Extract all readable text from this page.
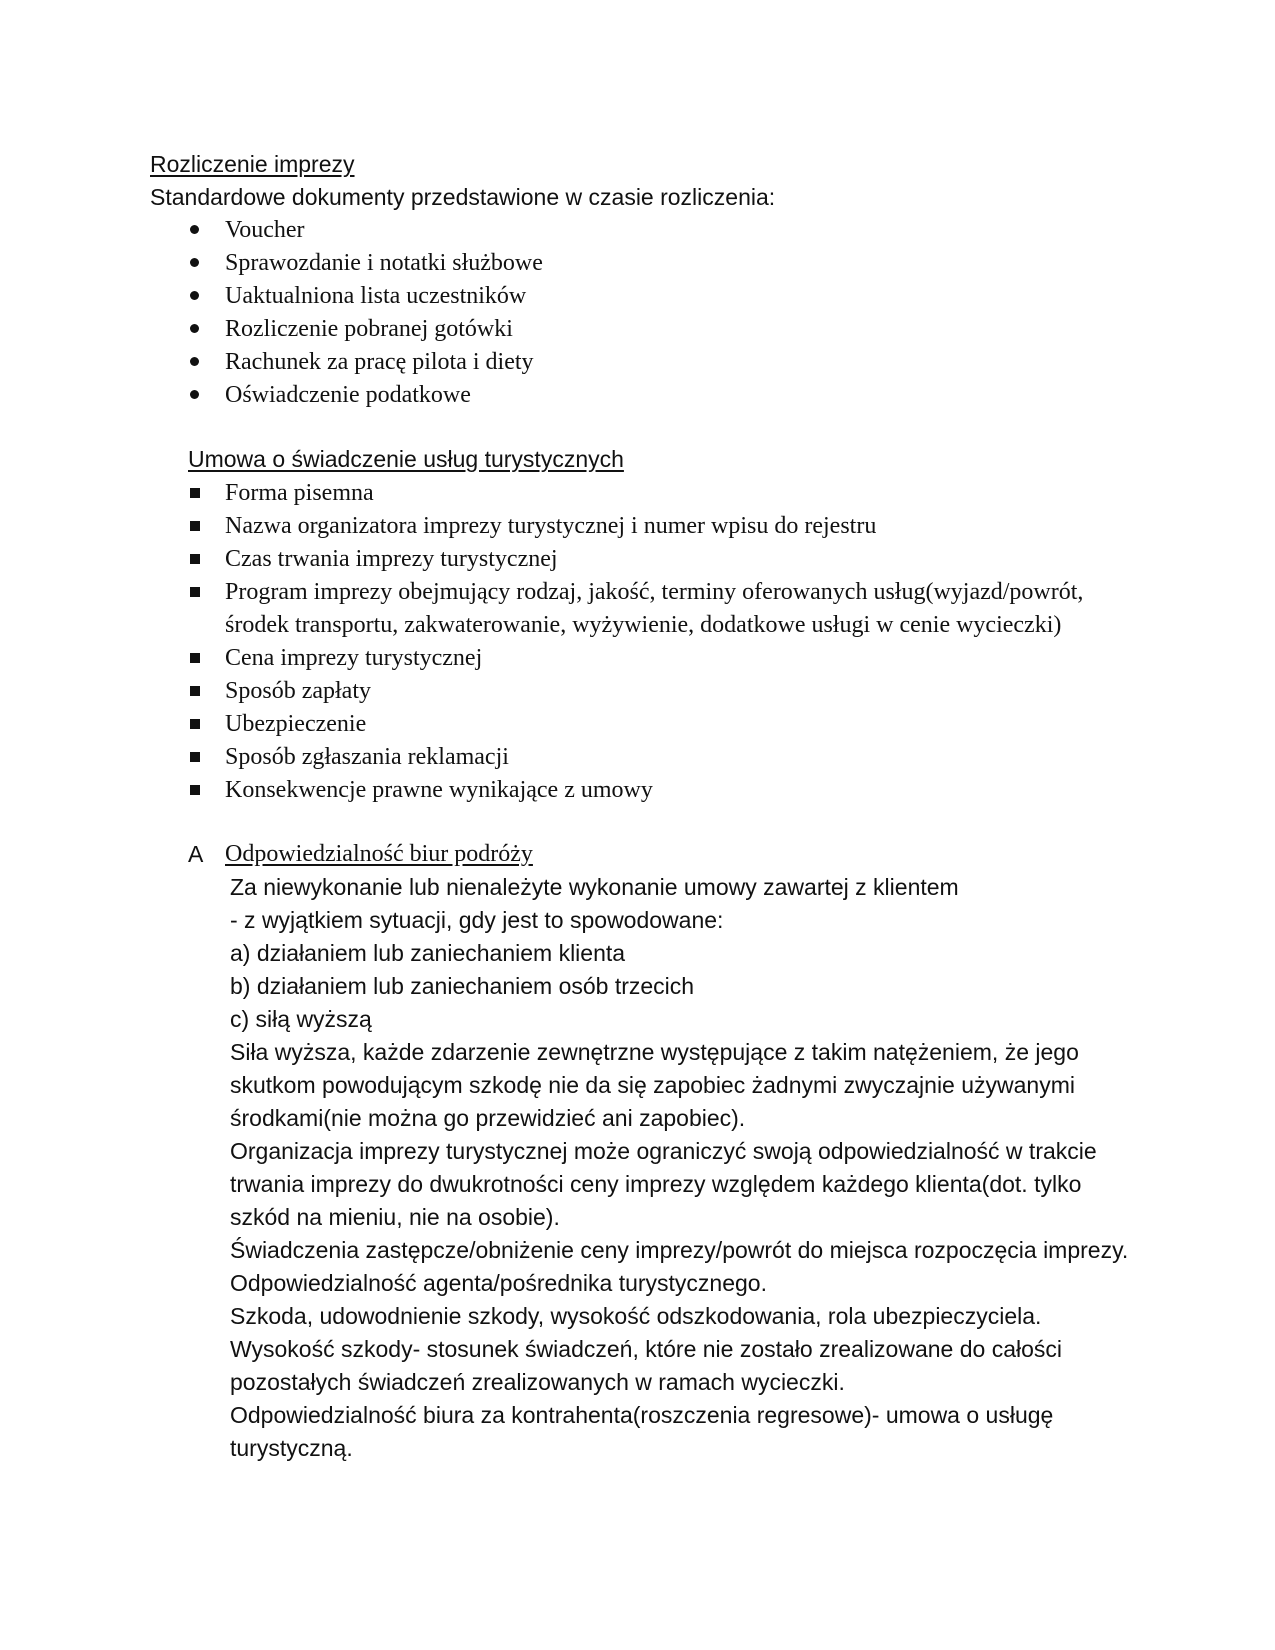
Rozliczenie imprezy
Standardowe dokumenty przedstawione w czasie rozliczenia:
Voucher
Sprawozdanie i notatki służbowe
Uaktualniona lista uczestników
Rozliczenie pobranej gotówki
Rachunek za pracę pilota i diety
Oświadczenie podatkowe
Umowa o świadczenie usług turystycznych
Forma pisemna
Nazwa organizatora imprezy turystycznej i numer wpisu do rejestru
Czas trwania imprezy turystycznej
Program imprezy obejmujący rodzaj, jakość, terminy oferowanych usług(wyjazd/powrót, środek transportu, zakwaterowanie, wyżywienie, dodatkowe usługi w cenie wycieczki)
Cena imprezy turystycznej
Sposób zapłaty
Ubezpieczenie
Sposób zgłaszania reklamacji
Konsekwencje prawne wynikające z umowy
A Odpowiedzialność biur podróży

Za niewykonanie lub nienależyte wykonanie umowy zawartej z klientem

- z wyjątkiem sytuacji, gdy jest to spowodowane:

a) działaniem lub zaniechaniem klienta

b) działaniem lub zaniechaniem osób trzecich

c) siłą wyższą

Siła wyższa, każde zdarzenie zewnętrzne występujące z takim natężeniem, że jego skutkom powodującym szkodę nie da się zapobiec żadnymi zwyczajnie używanymi środkami(nie można go przewidzieć ani zapobiec).

Organizacja imprezy turystycznej może ograniczyć swoją odpowiedzialność w trakcie trwania imprezy do dwukrotności ceny imprezy względem każdego klienta(dot. tylko szkód na mieniu, nie na osobie).

Świadczenia zastępcze/obniżenie ceny imprezy/powrót do miejsca rozpoczęcia imprezy.

Odpowiedzialność agenta/pośrednika turystycznego.

Szkoda, udowodnienie szkody, wysokość odszkodowania, rola ubezpieczyciela.

Wysokość szkody- stosunek świadczeń, które nie zostało zrealizowane do całości pozostałych świadczeń zrealizowanych w ramach wycieczki.

Odpowiedzialność biura za kontrahenta(roszczenia regresowe)- umowa o usługę turystyczną.
